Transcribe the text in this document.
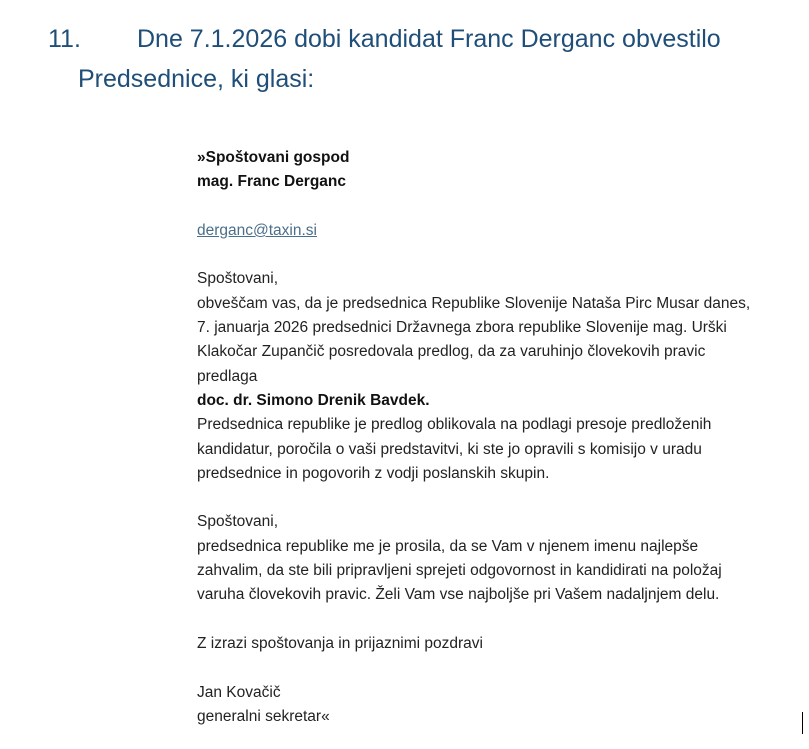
11. Dne 7.1.2026 dobi kandidat Franc Derganc obvestilo
Predsednice, ki glasi:
»Spoštovani gospod
mag. Franc Derganc
derganc@taxin.si
Spoštovani,
obveščam vas, da je predsednica Republike Slovenije Nataša Pirc Musar danes,
7. januarja 2026 predsednici Državnega zbora republike Slovenije mag. Urški
Klakočar Zupančič posredovala predlog, da za varuhinjo človekovih pravic
predlaga
doc. dr. Simono Drenik Bavdek.
Predsednica republike je predlog oblikovala na podlagi presoje predloženih
kandidatur, poročila o vaši predstavitvi, ki ste jo opravili s komisijo v uradu
predsednice in pogovorih z vodji poslanskih skupin.
Spoštovani,
predsednica republike me je prosila, da se Vam v njenem imenu najlepše
zahvalim, da ste bili pripravljeni sprejeti odgovornost in kandidirati na položaj
varuha človekovih pravic. Želi Vam vse najboljše pri Vašem nadaljnjem delu.
Z izrazi spoštovanja in prijaznimi pozdravi
Jan Kovačič
generalni sekretar«
